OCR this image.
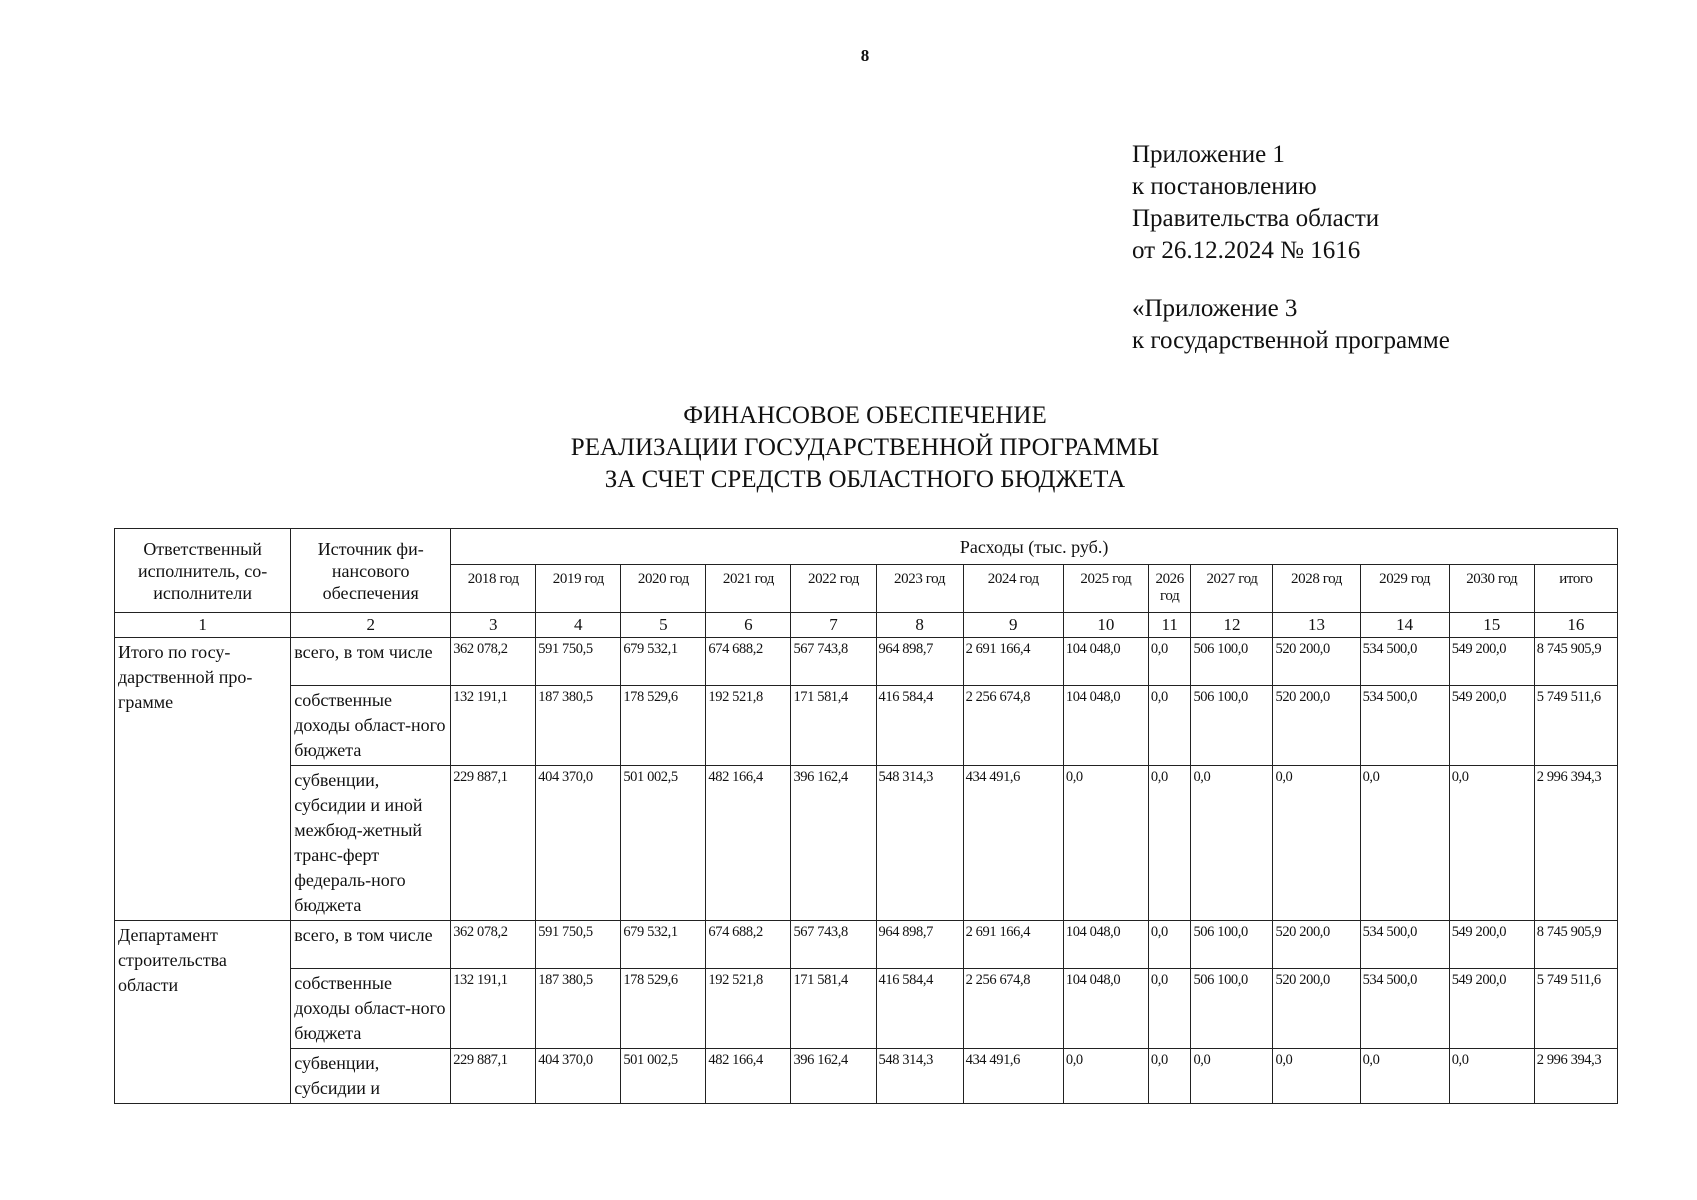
8
Приложение 1
к постановлению
Правительства области
от 26.12.2024 № 1616
«Приложение 3
к государственной программе
ФИНАНСОВОЕ ОБЕСПЕЧЕНИЕ
РЕАЛИЗАЦИИ ГОСУДАРСТВЕННОЙ ПРОГРАММЫ
ЗА СЧЕТ СРЕДСТВ ОБЛАСТНОГО БЮДЖЕТА
Ответственный исполнитель, со-исполнители	Источник фи-нансового обеспечения	Расходы (тыс. руб.)													
		2018 год	2019 год	2020 год	2021 год	2022 год	2023 год	2024 год	2025 год	2026 год	2027 год	2028 год	2029 год	2030 год	итого
1	2	3	4	5	6	7	8	9	10	11	12	13	14	15	16
Итого по госу-дарственной про-грамме	всего, в том числе	362 078,2	591 750,5	679 532,1	674 688,2	567 743,8	964 898,7	2 691 166,4	104 048,0	0,0	506 100,0	520 200,0	534 500,0	549 200,0	8 745 905,9
	собственные доходы област-ного бюджета	132 191,1	187 380,5	178 529,6	192 521,8	171 581,4	416 584,4	2 256 674,8	104 048,0	0,0	506 100,0	520 200,0	534 500,0	549 200,0	5 749 511,6
	субвенции, субсидии и иной межбюд-жетный транс-ферт федераль-ного бюджета	229 887,1	404 370,0	501 002,5	482 166,4	396 162,4	548 314,3	434 491,6	0,0	0,0	0,0	0,0	0,0	0,0	2 996 394,3
Департамент строительства области	всего, в том числе	362 078,2	591 750,5	679 532,1	674 688,2	567 743,8	964 898,7	2 691 166,4	104 048,0	0,0	506 100,0	520 200,0	534 500,0	549 200,0	8 745 905,9
	собственные доходы област-ного бюджета	132 191,1	187 380,5	178 529,6	192 521,8	171 581,4	416 584,4	2 256 674,8	104 048,0	0,0	506 100,0	520 200,0	534 500,0	549 200,0	5 749 511,6
	субвенции, субсидии и	229 887,1	404 370,0	501 002,5	482 166,4	396 162,4	548 314,3	434 491,6	0,0	0,0	0,0	0,0	0,0	0,0	2 996 394,3
